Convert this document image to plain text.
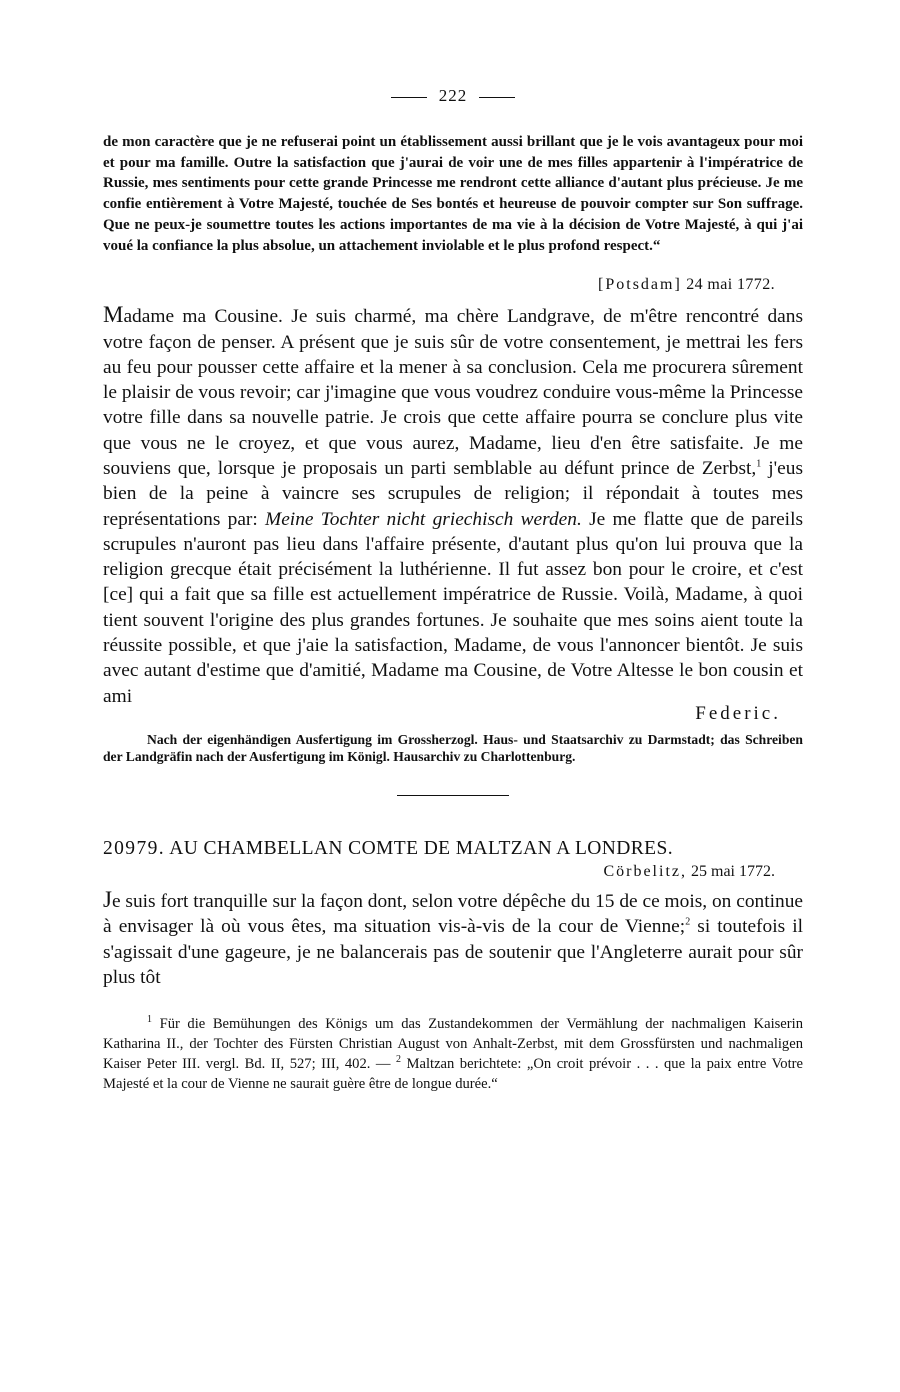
222

de mon caractère que je ne refuserai point un établissement aussi brillant que je le vois avantageux pour moi et pour ma famille. Outre la satisfaction que j'aurai de voir une de mes filles appartenir à l'impératrice de Russie, mes sentiments pour cette grande Princesse me rendront cette alliance d'autant plus précieuse. Je me confie entièrement à Votre Majesté, touchée de Ses bontés et heureuse de pouvoir compter sur Son suffrage. Que ne peux-je soumettre toutes les actions importantes de ma vie à la décision de Votre Majesté, à qui j'ai voué la confiance la plus absolue, un attachement inviolable et le plus profond respect.“

[Potsdam] 24 mai 1772.

Madame ma Cousine. Je suis charmé, ma chère Landgrave, de m'être rencontré dans votre façon de penser. A présent que je suis sûr de votre consentement, je mettrai les fers au feu pour pousser cette affaire et la mener à sa conclusion. Cela me procurera sûrement le plaisir de vous revoir; car j'imagine que vous voudrez conduire vous-même la Princesse votre fille dans sa nouvelle patrie. Je crois que cette affaire pourra se conclure plus vite que vous ne le croyez, et que vous aurez, Madame, lieu d'en être satisfaite. Je me souviens que, lorsque je proposais un parti semblable au défunt prince de Zerbst,$^1$ j'eus bien de la peine à vaincre ses scrupules de religion; il répondait à toutes mes représentations par: Meine Tochter nicht griechisch werden. Je me flatte que de pareils scrupules n'auront pas lieu dans l'affaire présente, d'autant plus qu'on lui prouva que la religion grecque était précisément la luthérienne. Il fut assez bon pour le croire, et c'est [ce] qui a fait que sa fille est actuellement impératrice de Russie. Voilà, Madame, à quoi tient souvent l'origine des plus grandes fortunes. Je souhaite que mes soins aient toute la réussite possible, et que j'aie la satisfaction, Madame, de vous l'annoncer bientôt. Je suis avec autant d'estime que d'amitié, Madame ma Cousine, de Votre Altesse le bon cousin et ami

Federic.

Nach der eigenhändigen Ausfertigung im Grossherzogl. Haus- und Staatsarchiv zu Darmstadt; das Schreiben der Landgräfin nach der Ausfertigung im Königl. Hausarchiv zu Charlottenburg.

20979. AU CHAMBELLAN COMTE DE MALTZAN A LONDRES.
Cörbelitz, 25 mai 1772.

Je suis fort tranquille sur la façon dont, selon votre dépêche du 15 de ce mois, on continue à envisager là où vous êtes, ma situation vis-à-vis de la cour de Vienne;$^2$ si toutefois il s'agissait d'une gageure, je ne balancerais pas de soutenir que l'Angleterre aurait pour sûr plus tôt

$^1$ Für die Bemühungen des Königs um das Zustandekommen der Vermählung der nachmaligen Kaiserin Katharina II., der Tochter des Fürsten Christian August von Anhalt-Zerbst, mit dem Grossfürsten und nachmaligen Kaiser Peter III. vergl. Bd. II, 527; III, 402. — $^2$ Maltzan berichtete: „On croit prévoir . . . que la paix entre Votre Majesté et la cour de Vienne ne saurait guère être de longue durée.“
